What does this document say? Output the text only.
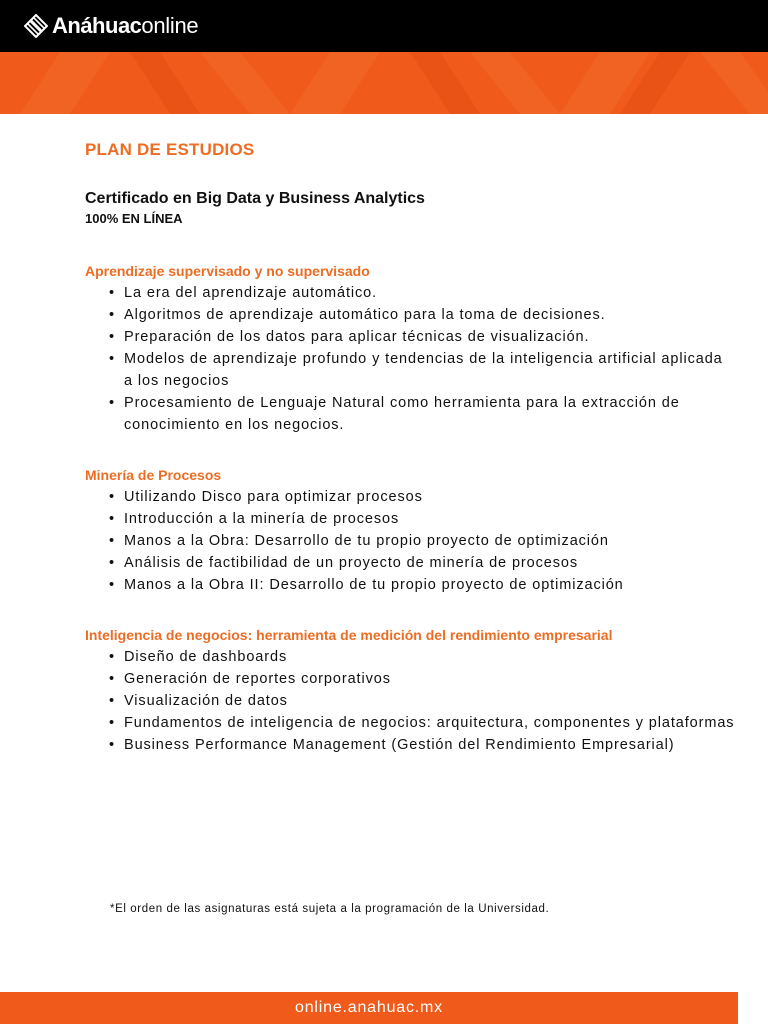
Anáhuac online
PLAN DE ESTUDIOS
Certificado en Big Data y Business Analytics
100% EN LÍNEA
Aprendizaje supervisado y no supervisado
• La era del aprendizaje automático.
• Algoritmos de aprendizaje automático para la toma de decisiones.
• Preparación de los datos para aplicar técnicas de visualización.
• Modelos de aprendizaje profundo y tendencias de la inteligencia artificial aplicada a los negocios
• Procesamiento de Lenguaje Natural como herramienta para la extracción de conocimiento en los negocios.
Minería de Procesos
• Utilizando Disco para optimizar procesos
• Introducción a la minería de procesos
• Manos a la Obra: Desarrollo de tu propio proyecto de optimización
• Análisis de factibilidad de un proyecto de minería de procesos
• Manos a la Obra II: Desarrollo de tu propio proyecto de optimización
Inteligencia de negocios: herramienta de medición del rendimiento empresarial
• Diseño de dashboards
• Generación de reportes corporativos
• Visualización de datos
• Fundamentos de inteligencia de negocios: arquitectura, componentes y plataformas
• Business Performance Management (Gestión del Rendimiento Empresarial)
*El orden de las asignaturas está sujeta a la programación de la Universidad.
online.anahuac.mx
